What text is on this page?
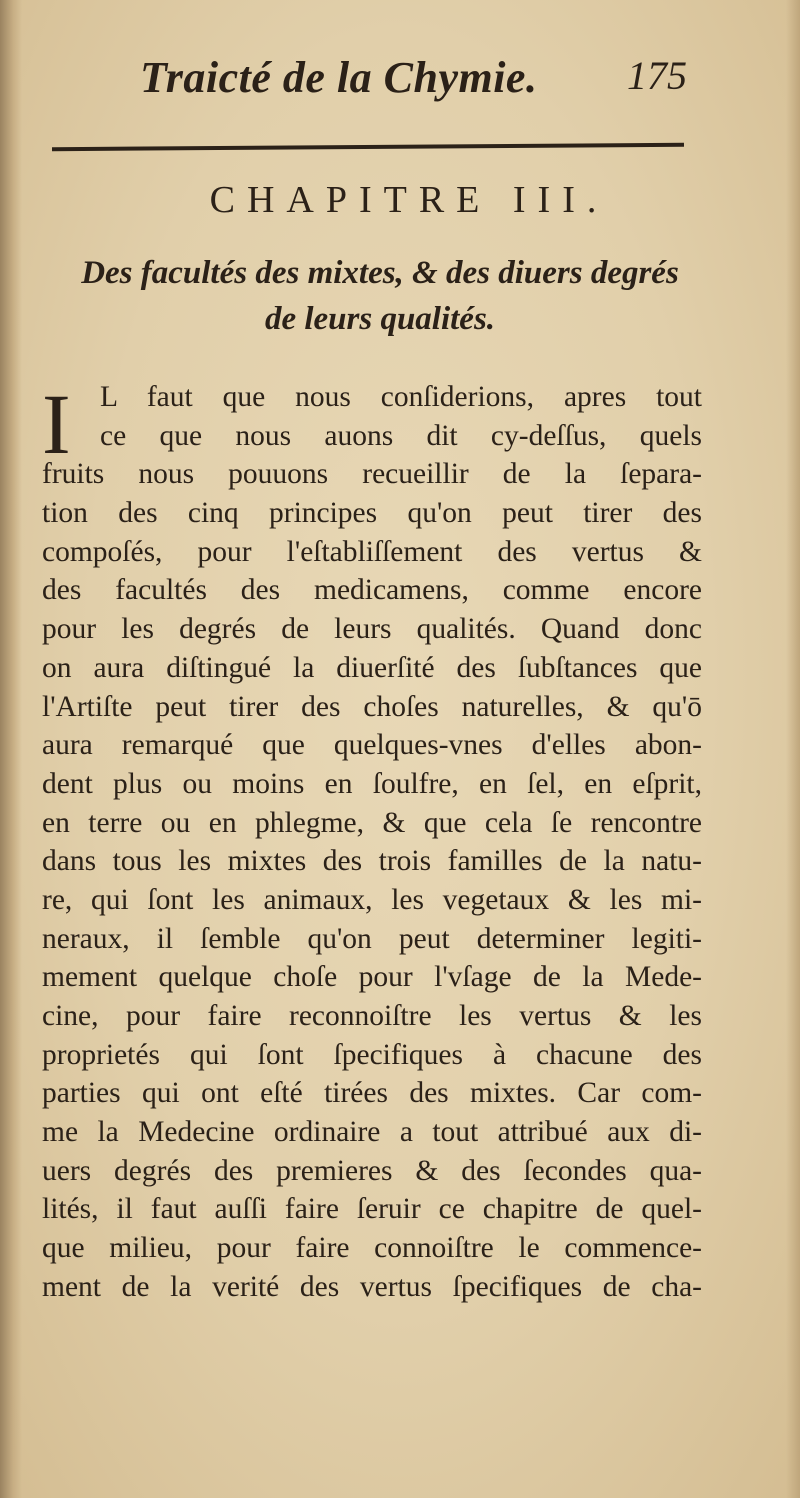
Traicté de la Chymie. 175
CHAPITRE III.
Des facultés des mixtes, & des diuers degrés
de leurs qualités.
I L faut que nous conſiderions, apres tout
ce que nous auons dit cy-deſſus, quels
fruits nous pouuons recueillir de la ſepara-
tion des cinq principes qu'on peut tirer des
compoſés, pour l'eſtabliſſement des vertus &
des facultés des medicamens, comme encore
pour les degrés de leurs qualités. Quand donc
on aura diſtingué la diuerſité des ſubſtances que
l'Artiſte peut tirer des choſes naturelles, & qu'ō
aura remarqué que quelques-vnes d'elles abon-
dent plus ou moins en ſoulfre, en ſel, en eſprit,
en terre ou en phlegme, & que cela ſe rencontre
dans tous les mixtes des trois familles de la natu-
re, qui ſont les animaux, les vegetaux & les mi-
neraux, il ſemble qu'on peut determiner legiti-
mement quelque choſe pour l'vſage de la Mede-
cine, pour faire reconnoiſtre les vertus & les
proprietés qui ſont ſpecifiques à chacune des
parties qui ont eſté tirées des mixtes. Car com-
me la Medecine ordinaire a tout attribué aux di-
uers degrés des premieres & des ſecondes qua-
lités, il faut auſſi faire ſeruir ce chapitre de quel-
que milieu, pour faire connoiſtre le commence-
ment de la verité des vertus ſpecifiques de cha-
